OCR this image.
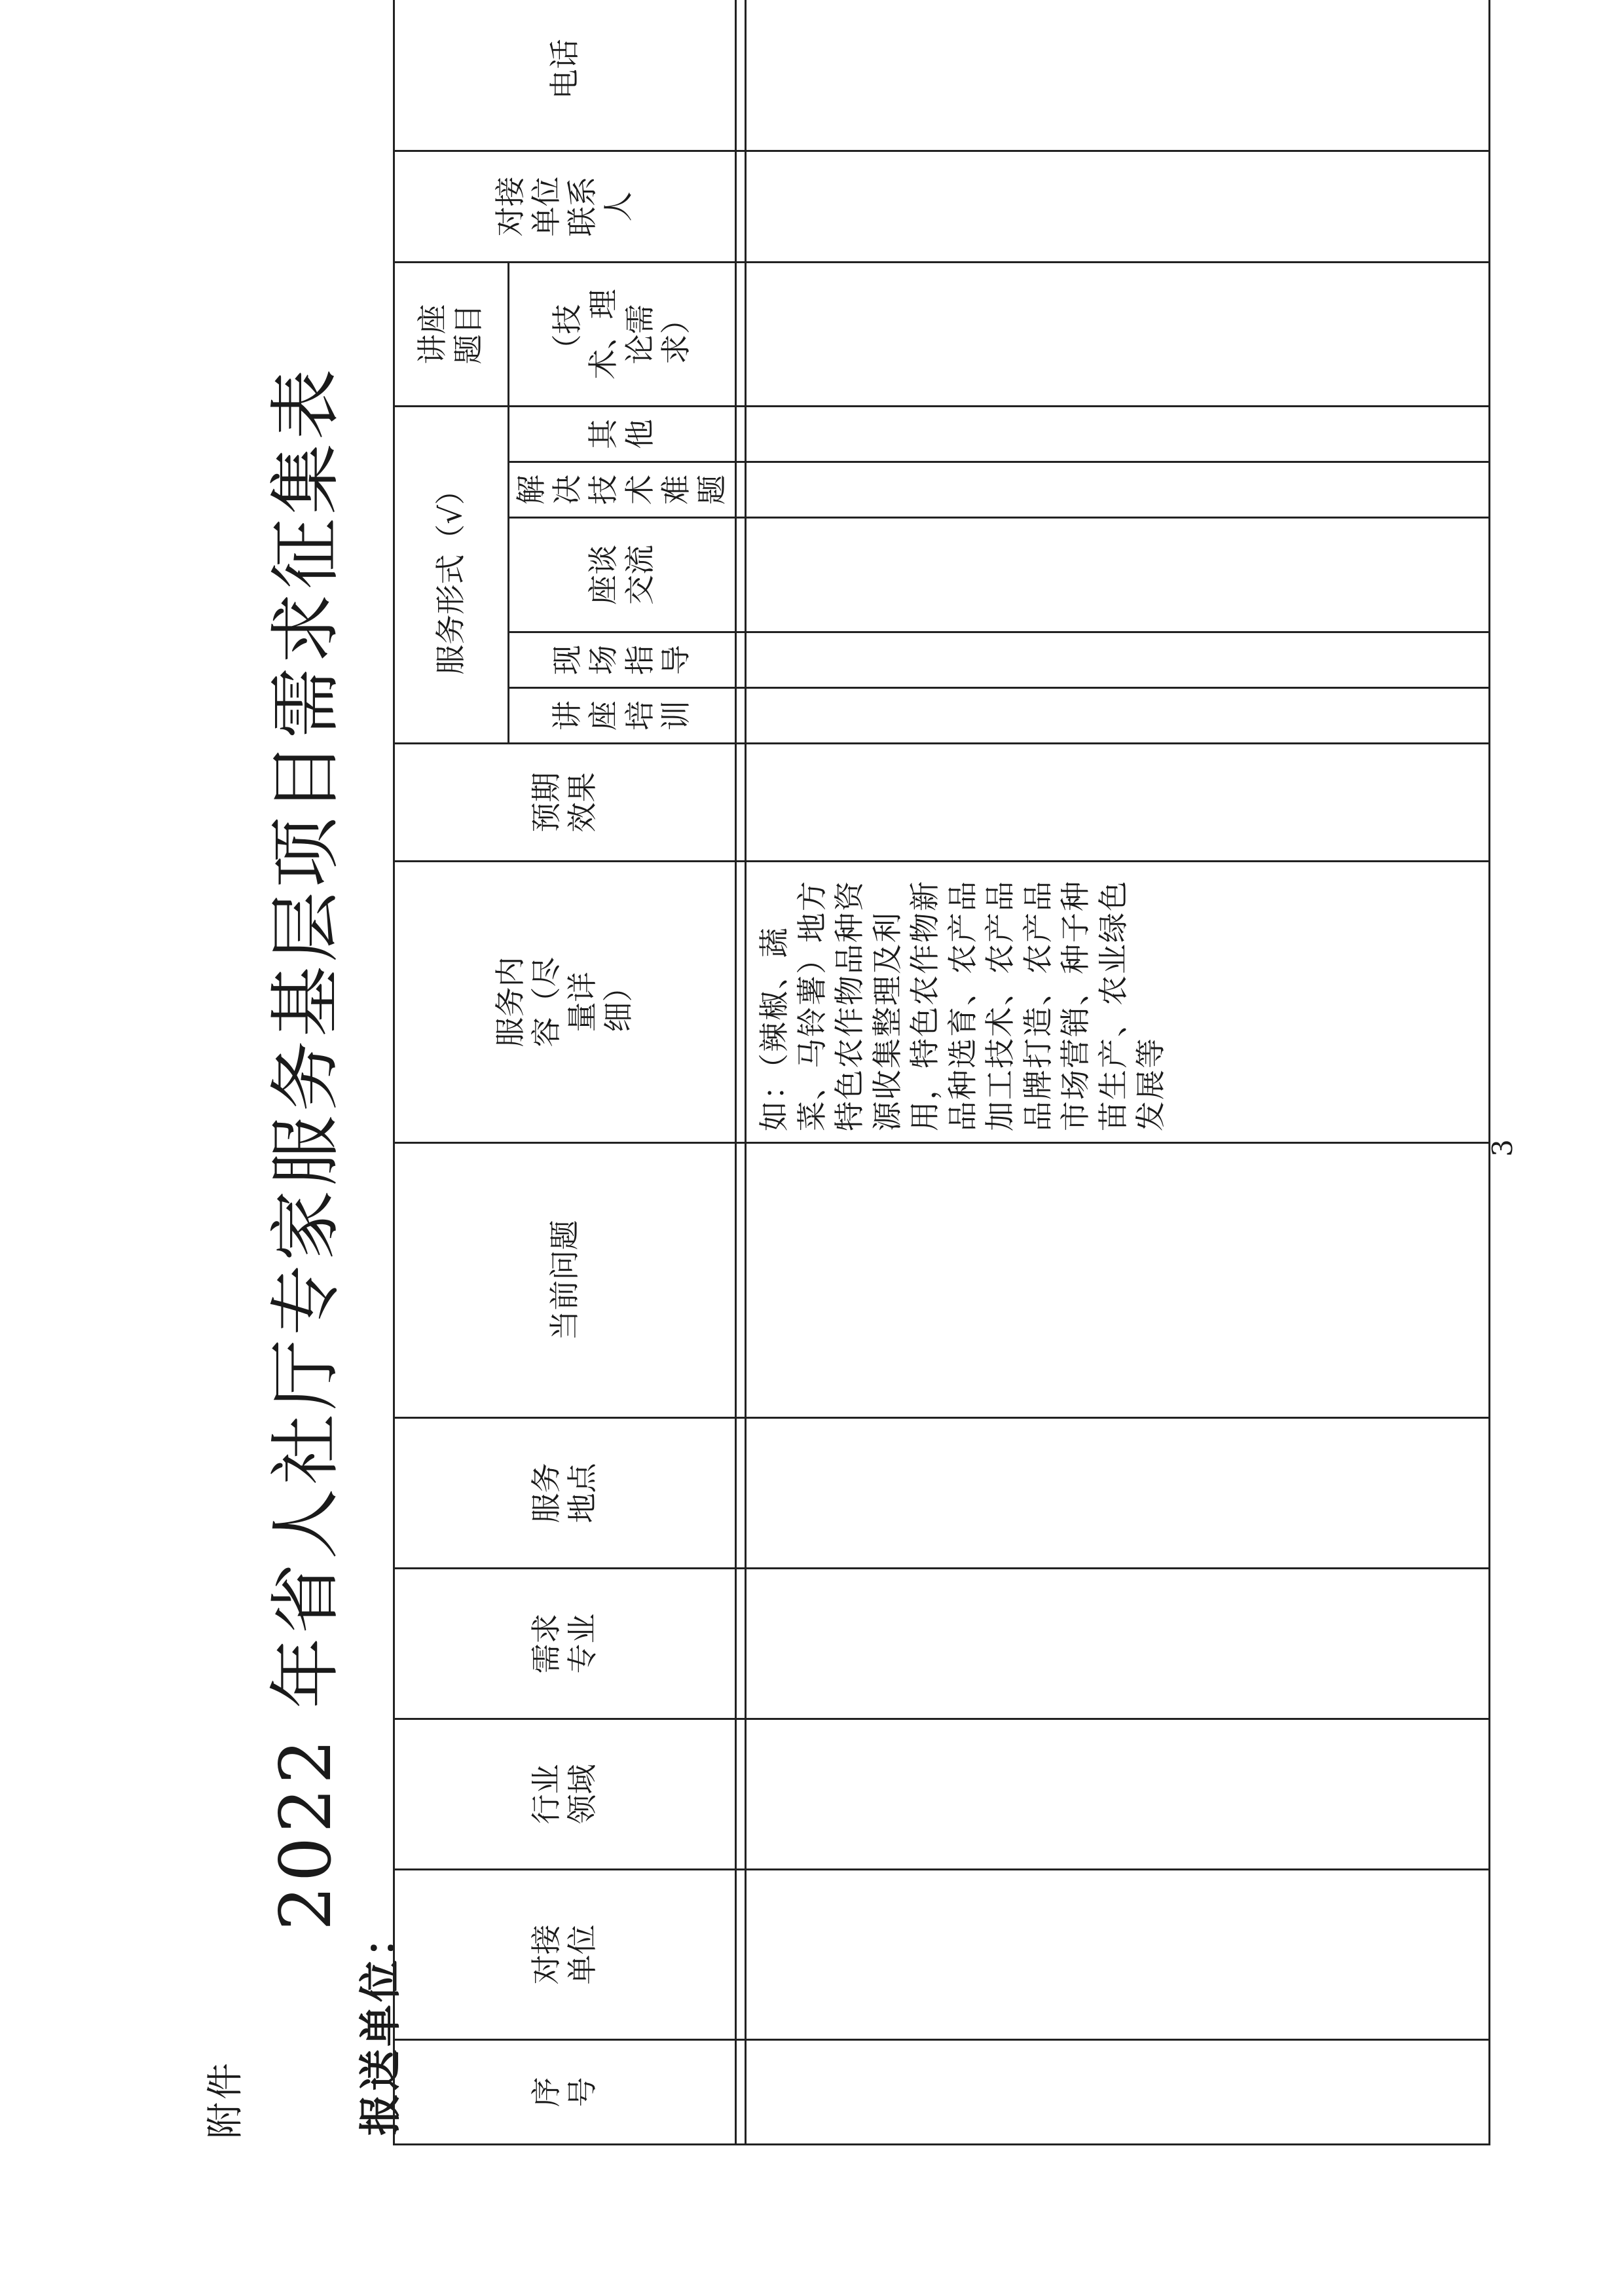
附件
2022 年省人社厅专家服务基层项目需求征集表
报送单位：	序号	对接单位	行业领域	需求专业	服务地点	当前问题	服务内容（尽量详细）	预期效果	服务形式（√）					讲座题目	对接单位联系人	电话		
								讲座培训	现场指导	座谈交流	解决技术难题	其他	（技术、理论需求）				

						如：（辣椒、蔬菜、马铃薯）地方特色农作物品种资源收集整理及利用，特色农作物新品种选育、农产品加工技术、农产品品牌打造、农产品市场营销、种子种苗生产、农业绿色发展等											
3
